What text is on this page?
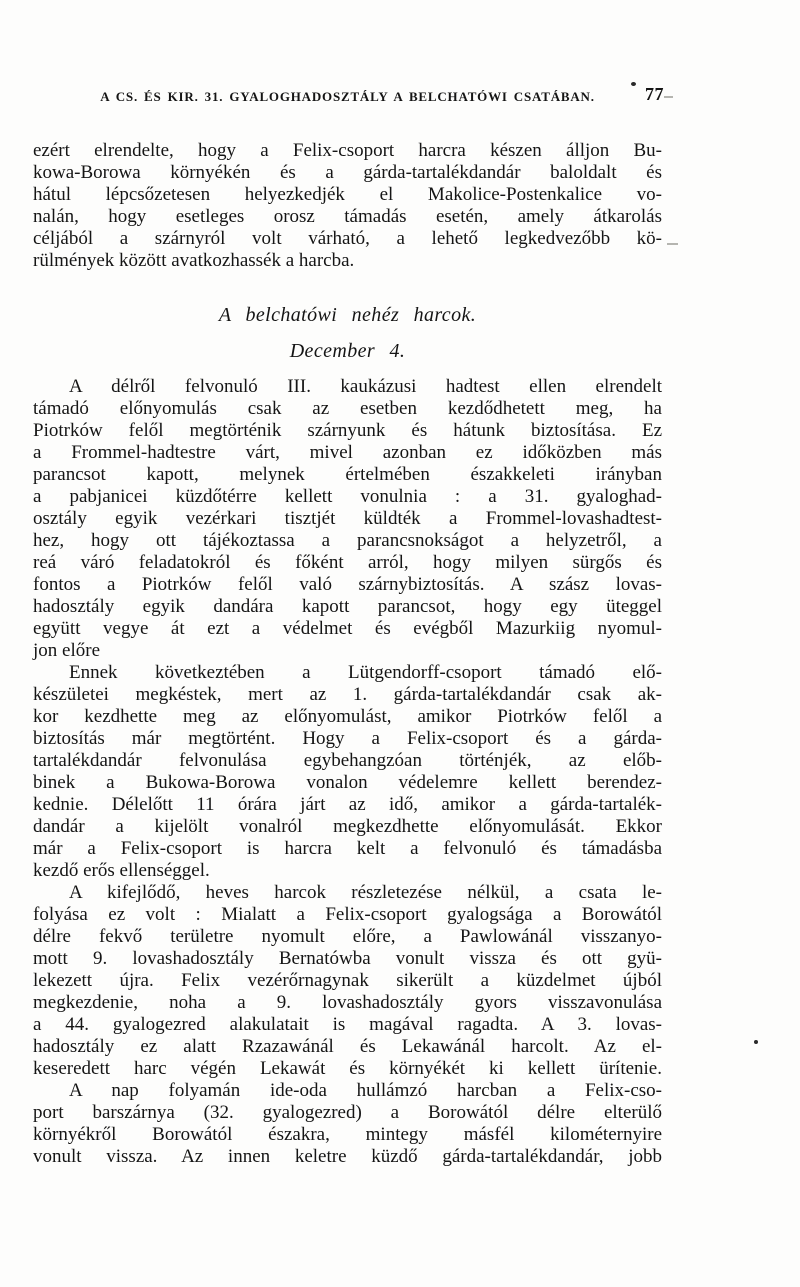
A CS. ÉS KIR. 31. GYALOGHADOSZTÁLY A BELCHATÓWI CSATÁBAN.	77
ezért elrendelte, hogy a Felix-csoport harcra készen álljon Bu-
kowa-Borowa környékén és a gárda-tartalékdandár baloldalt és
hátul lépcsőzetesen helyezkedjék el Makolice-Postenkalice vo-
nalán, hogy esetleges orosz támadás esetén, amely átkarolás
céljából a szárnyról volt várható, a lehető legkedvezőbb kö-
rülmények között avatkozhassék a harcba.
A belchatówi nehéz harcok.
December 4.
A délről felvonuló III. kaukázusi hadtest ellen elrendelt
támadó előnyomulás csak az esetben kezdődhetett meg, ha
Piotrków felől megtörténik szárnyunk és hátunk biztosítása. Ez
a Frommel-hadtestre várt, mivel azonban ez időközben más
parancsot kapott, melynek értelmében északkeleti irányban
a pabjanicei küzdőtérre kellett vonulnia : a 31. gyaloghad-
osztály egyik vezérkari tisztjét küldték a Frommel-lovashadtest-
hez, hogy ott tájékoztassa a parancsnokságot a helyzetről, a
reá váró feladatokról és főként arról, hogy milyen sürgős és
fontos a Piotrków felől való szárnybiztosítás. A szász lovas-
hadosztály egyik dandára kapott parancsot, hogy egy üteggel
együtt vegye át ezt a védelmet és evégből Mazurkiig nyomul-
jon előre
Ennek következtében a Lütgendorff-csoport támadó elő-
készületei megkéstek, mert az 1. gárda-tartalékdandár csak ak-
kor kezdhette meg az előnyomulást, amikor Piotrków felől a
biztosítás már megtörtént. Hogy a Felix-csoport és a gárda-
tartalékdandár felvonulása egybehangzóan történjék, az előb-
binek a Bukowa-Borowa vonalon védelemre kellett berendez-
kednie. Délelőtt 11 órára járt az idő, amikor a gárda-tartalék-
dandár a kijelölt vonalról megkezdhette előnyomulását. Ekkor
már a Felix-csoport is harcra kelt a felvonuló és támadásba
kezdő erős ellenséggel.
A kifejlődő, heves harcok részletezése nélkül, a csata le-
folyása ez volt : Mialatt a Felix-csoport gyalogsága a Borowától
délre fekvő területre nyomult előre, a Pawlowánál visszanyo-
mott 9. lovashadosztály Bernatówba vonult vissza és ott gyü-
lekezett újra. Felix vezérőrnagynak sikerült a küzdelmet újból
megkezdenie, noha a 9. lovashadosztály gyors visszavonulása
a 44. gyalogezred alakulatait is magával ragadta. A 3. lovas-
hadosztály ez alatt Rzazawánál és Lekawánál harcolt. Az el-
keseredett harc végén Lekawát és környékét ki kellett ürítenie.
A nap folyamán ide-oda hullámzó harcban a Felix-cso-
port barszárnya (32. gyalogezred) a Borowától délre elterülő
környékről Borowától északra, mintegy másfél kilométernyire
vonult vissza. Az innen keletre küzdő gárda-tartalékdandár, jobb
